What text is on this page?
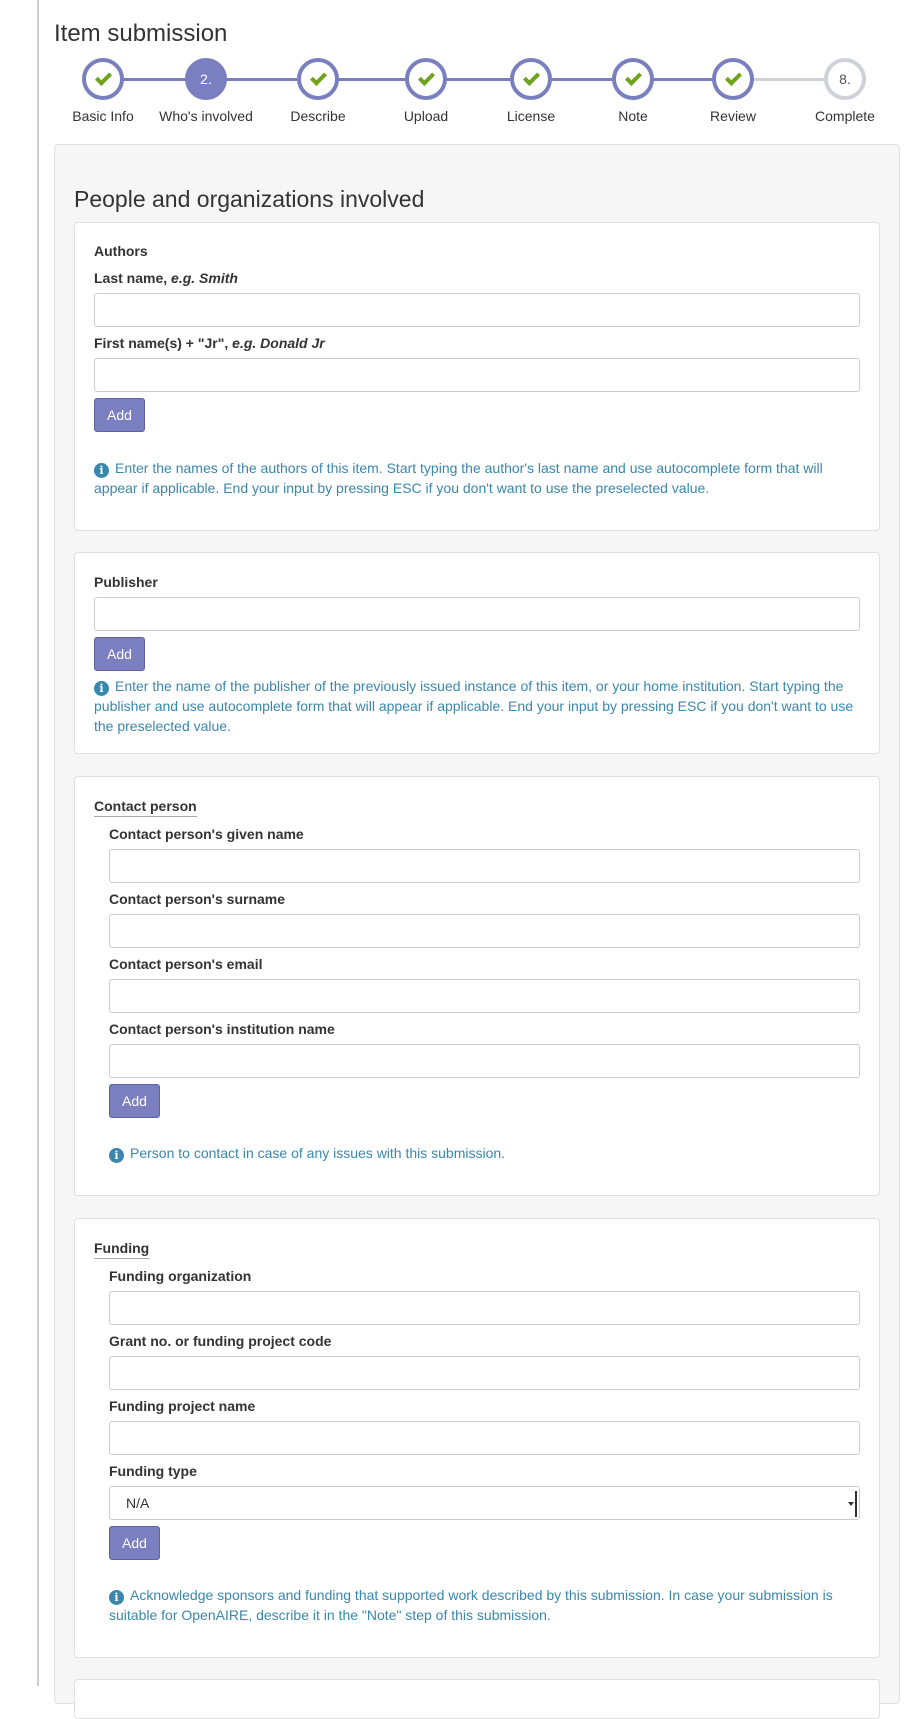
Item submission
Basic Info
2.
Who's involved	Describe	Upload	License	Note	Review
8.
Complete
People and organizations involved
Authors
Last name, e.g. Smith
First name(s) + "Jr", e.g. Donald Jr
Add
i Enter the names of the authors of this item. Start typing the author's last name and use autocomplete form that will appear if applicable. End your input by pressing ESC if you don't want to use the preselected value.
Publisher
Add
i Enter the name of the publisher of the previously issued instance of this item, or your home institution. Start typing the publisher and use autocomplete form that will appear if applicable. End your input by pressing ESC if you don't want to use the preselected value.
Contact person
Contact person's given name
Contact person's surname
Contact person's email
Contact person's institution name
Add
i Person to contact in case of any issues with this submission.
Funding
Funding organization
Grant no. or funding project code
Funding project name
Funding type
N/A
Add
i Acknowledge sponsors and funding that supported work described by this submission. In case your submission is suitable for OpenAIRE, describe it in the "Note" step of this submission.
